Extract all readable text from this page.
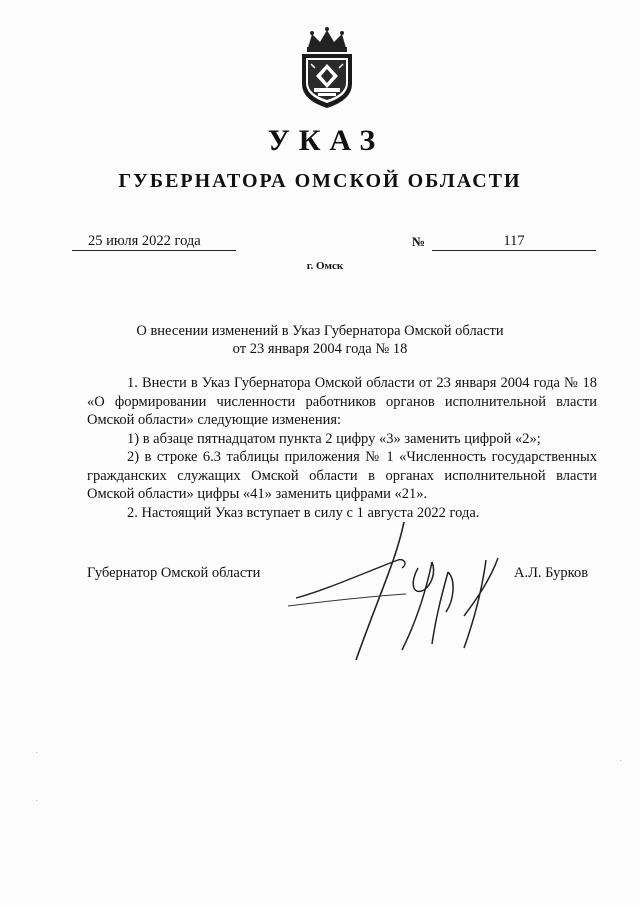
УКАЗ
ГУБЕРНАТОРА ОМСКОЙ ОБЛАСТИ
25 июля 2022 года	№	117
г. Омск
О внесении изменений в Указ Губернатора Омской области
от 23 января 2004 года № 18

1. Внести в Указ Губернатора Омской области от 23 января 2004 года № 18 «О формировании численности работников органов исполнительной власти Омской области» следующие изменения:

1) в абзаце пятнадцатом пункта 2 цифру «3» заменить цифрой «2»;

2) в строке 6.3 таблицы приложения № 1 «Численность государственных гражданских служащих Омской области в органах исполнительной власти Омской области» цифры «41» заменить цифрами «21».

2. Настоящий Указ вступает в силу с 1 августа 2022 года.

Губернатор Омской области	А.Л. Бурков
